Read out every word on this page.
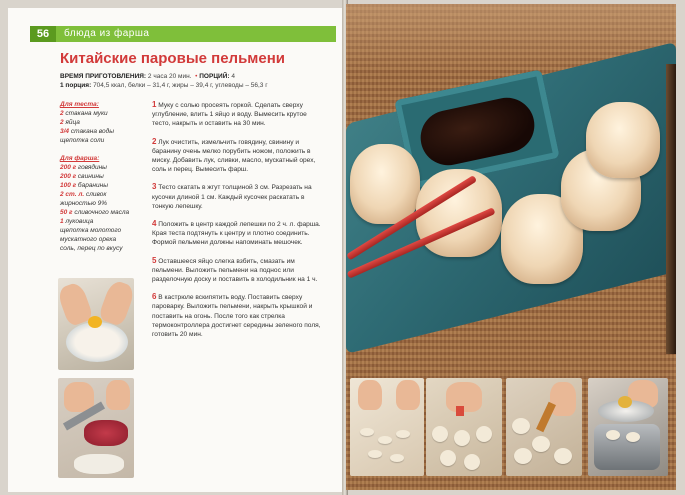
56	блюда из фарша
Китайские паровые пельмени
ВРЕМЯ ПРИГОТОВЛЕНИЯ: 2 часа 20 мин. • ПОРЦИЙ: 4
1 порция: 704,5 ккал, белки – 31,4 г, жиры – 39,4 г, углеводы – 56,3 г
Для теста:
2 стакана муки
2 яйца
3/4 стакана воды
щепотка соли
Для фарша:
200 г говядины
200 г свинины
100 г баранины
2 ст. л. сливок жирностью 9%
50 г сливочного масла
1 луковица
щепотка молотого мускатного ореха
соль, перец по вкусу
1 Муку с солью просеять горкой. Сделать сверху углубление, влить 1 яйцо и воду. Вымесить крутое тесто, накрыть и оставить на 30 мин.
2 Лук очистить, измельчить говядину, свинину и баранину очень мелко порубить ножом, положить в миску. Добавить лук, сливки, масло, мускатный орех, соль и перец. Вымесить фарш.
3 Тесто скатать в жгут толщиной 3 см. Разрезать на кусочки длиной 1 см. Каждый кусочек раскатать в тонкую лепешку.
4 Положить в центр каждой лепешки по 2 ч. л. фарша. Края теста подтянуть к центру и плотно соединить. Формой пельмени должны напоминать мешочек.
5 Оставшееся яйцо слегка взбить, смазать им пельмени. Выложить пельмени на поднос или разделочную доску и поставить в холодильник на 1 ч.
6 В кастрюле вскипятить воду. Поставить сверху пароварку. Выложить пельмени, накрыть крышкой и поставить на огонь. После того как стрелка термоконтроллера достигнет середины зеленого поля, готовить 20 мин.
